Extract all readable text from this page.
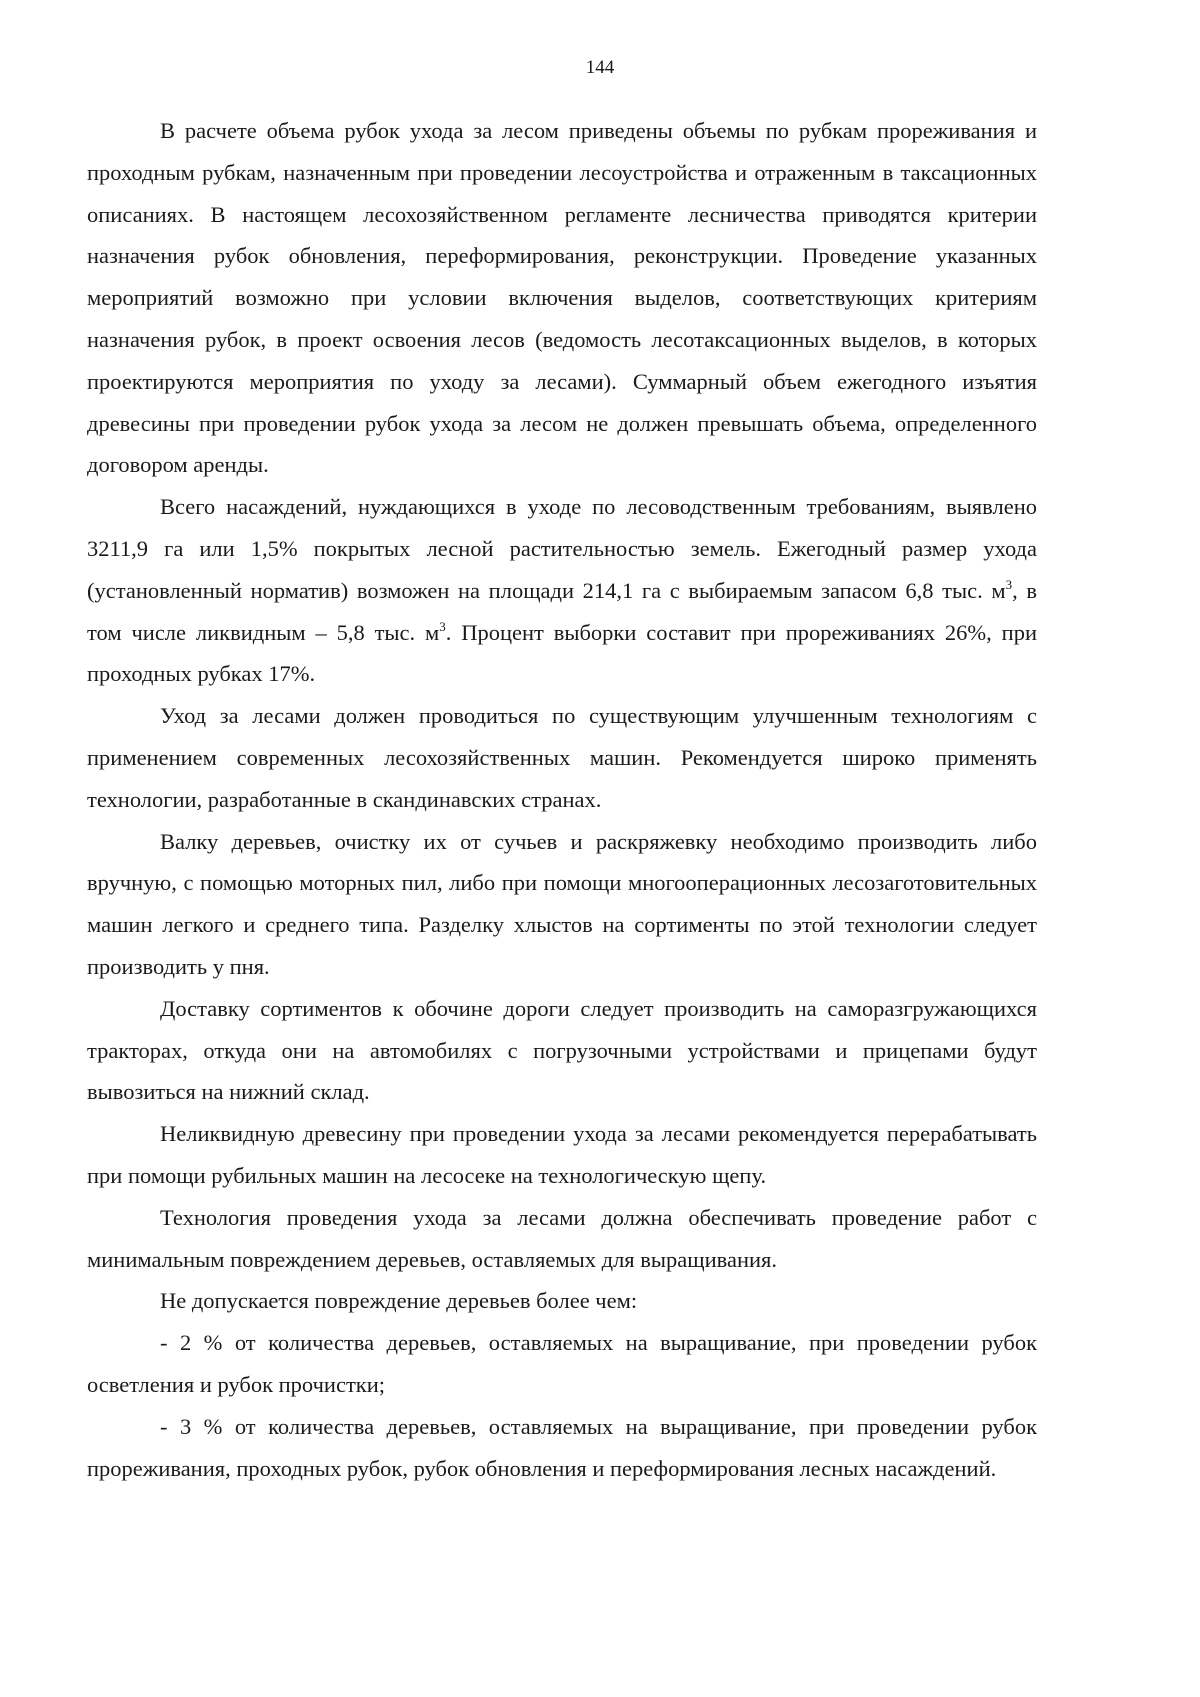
144

В расчете объема рубок ухода за лесом приведены объемы по рубкам прореживания и проходным рубкам, назначенным при проведении лесоустройства и отраженным в таксационных описаниях. В настоящем лесохозяйственном регламенте лесничества приводятся критерии назначения рубок обновления, переформирования, реконструкции. Проведение указанных мероприятий возможно при условии включения выделов, соответствующих критериям назначения рубок, в проект освоения лесов (ведомость лесотаксационных выделов, в которых проектируются мероприятия по уходу за лесами). Суммарный объем ежегодного изъятия древесины при проведении рубок ухода за лесом не должен превышать объема, определенного договором аренды.

Всего насаждений, нуждающихся в уходе по лесоводственным требованиям, выявлено 3211,9 га или 1,5% покрытых лесной растительностью земель. Ежегодный размер ухода (установленный норматив) возможен на площади 214,1 га с выбираемым запасом 6,8 тыс. $м^3$, в том числе ликвидным – 5,8 тыс. $м^3$. Процент выборки составит при прореживаниях 26%, при проходных рубках 17%.

Уход за лесами должен проводиться по существующим улучшенным технологиям с применением современных лесохозяйственных машин. Рекомендуется широко применять технологии, разработанные в скандинавских странах.

Валку деревьев, очистку их от сучьев и раскряжевку необходимо производить либо вручную, с помощью моторных пил, либо при помощи многооперационных лесозаготовительных машин легкого и среднего типа. Разделку хлыстов на сортименты по этой технологии следует производить у пня.

Доставку сортиментов к обочине дороги следует производить на саморазгружающихся тракторах, откуда они на автомобилях с погрузочными устройствами и прицепами будут вывозиться на нижний склад.

Неликвидную древесину при проведении ухода за лесами рекомендуется перерабатывать при помощи рубильных машин на лесосеке на технологическую щепу.

Технология проведения ухода за лесами должна обеспечивать проведение работ с минимальным повреждением деревьев, оставляемых для выращивания.

Не допускается повреждение деревьев более чем:

- 2 % от количества деревьев, оставляемых на выращивание, при проведении рубок осветления и рубок прочистки;

- 3 % от количества деревьев, оставляемых на выращивание, при проведении рубок прореживания, проходных рубок, рубок обновления и переформирования лесных насаждений.
